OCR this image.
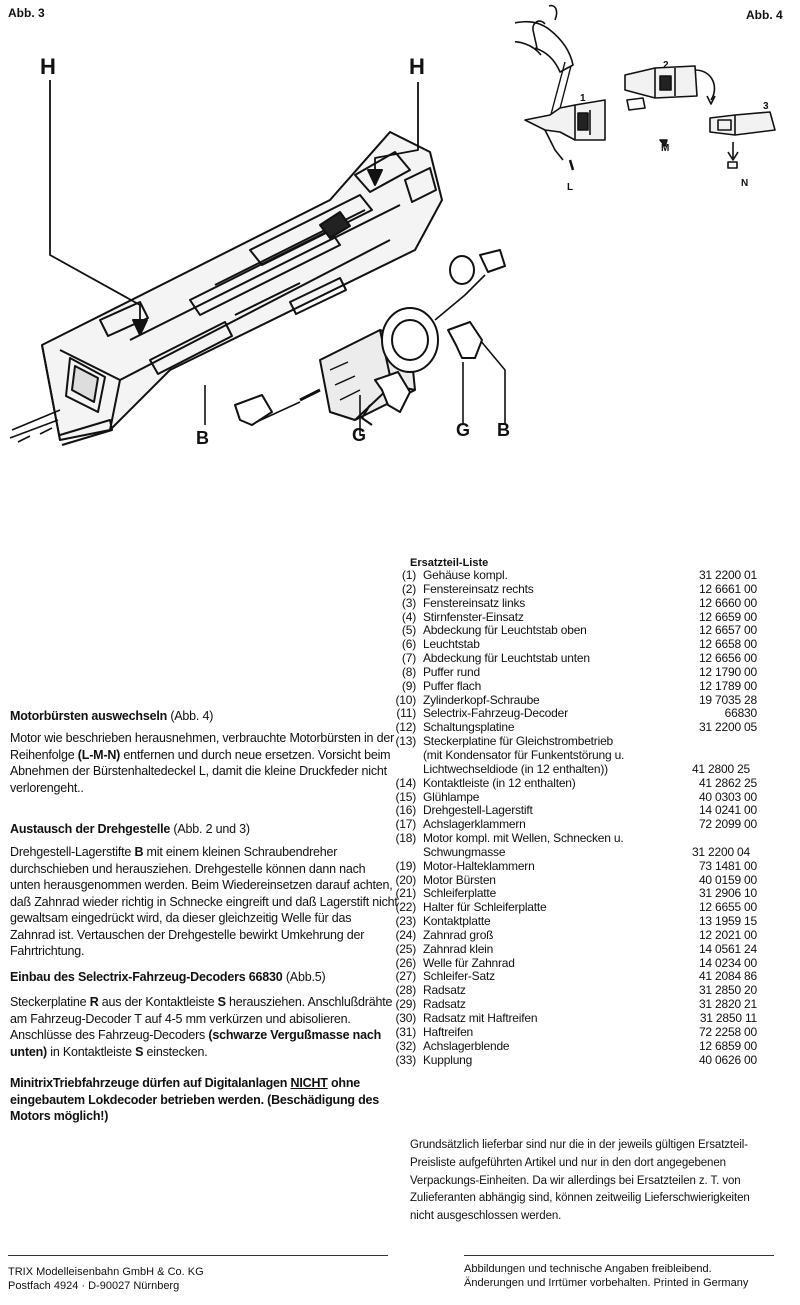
Abb. 3	Abb. 4
H	H
B	G	G B
1
2
3
L
M
N
Ersatzteil-Liste
(1) Gehäuse kompl.	31 2200 01
(2) Fenstereinsatz rechts	12 6661 00
(3) Fenstereinsatz links	12 6660 00
(4) Stirnfenster-Einsatz	12 6659 00
(5) Abdeckung für Leuchtstab oben	12 6657 00
(6) Leuchtstab	12 6658 00
(7) Abdeckung für Leuchtstab unten	12 6656 00
(8) Puffer rund	12 1790 00
(9) Puffer flach	12 1789 00
(10) Zylinderkopf-Schraube	19 7035 28
(11) Selectrix-Fahrzeug-Decoder	66830
(12) Schaltungsplatine	31 2200 05
(13) Steckerplatine für Gleichstrombetrieb
(mit Kondensator für Funkentstörung u.
Lichtwechseldiode (in 12 enthalten))	41 2800 25
(14) Kontaktleiste (in 12 enthalten)	41 2862 25
(15) Glühlampe	40 0303 00
(16) Drehgestell-Lagerstift	14 0241 00
(17) Achslagerklammern	72 2099 00
(18) Motor kompl. mit Wellen, Schnecken u.
Schwungmasse	31 2200 04
(19) Motor-Halteklammern	73 1481 00
(20) Motor Bürsten	40 0159 00
(21) Schleiferplatte	31 2906 10
(22) Halter für Schleiferplatte	12 6655 00
(23) Kontaktplatte	13 1959 15
(24) Zahnrad groß	12 2021 00
(25) Zahnrad klein	14 0561 24
(26) Welle für Zahnrad	14 0234 00
(27) Schleifer-Satz	41 2084 86
(28) Radsatz	31 2850 20
(29) Radsatz	31 2820 21
(30) Radsatz mit Haftreifen	31 2850 11
(31) Haftreifen	72 2258 00
(32) Achslagerblende	12 6859 00
(33) Kupplung	40 0626 00
Motorbürsten auswechseln (Abb. 4)
Motor wie beschrieben herausnehmen, verbrauchte Motorbürsten in der Reihenfolge (L-M-N) entfernen und durch neue ersetzen. Vorsicht beim Abnehmen der Bürstenhaltedeckel L, damit die kleine Druckfeder nicht verlorengeht..
Austausch der Drehgestelle (Abb. 2 und 3)
Drehgestell-Lagerstifte B mit einem kleinen Schraubendreher durchschieben und herausziehen. Drehgestelle können dann nach unten herausgenommen werden. Beim Wiedereinsetzen darauf achten, daß Zahnrad wieder richtig in Schnecke eingreift und daß Lagerstift nicht gewaltsam eingedrückt wird, da dieser gleichzeitig Welle für das Zahnrad ist. Vertauschen der Drehgestelle bewirkt Umkehrung der Fahrtrichtung.
Einbau des Selectrix-Fahrzeug-Decoders 66830 (Abb.5)
Steckerplatine R aus der Kontaktleiste S herausziehen. Anschlußdrähte am Fahrzeug-Decoder T auf 4-5 mm verkürzen und abisolieren. Anschlüsse des Fahrzeug-Decoders (schwarze Vergußmasse nach unten) in Kontaktleiste S einstecken.
MinitrixTriebfahrzeuge dürfen auf Digitalanlagen NICHT ohne eingebautem Lokdecoder betrieben werden. (Beschädigung des Motors möglich!)
Grundsätzlich lieferbar sind nur die in der jeweils gültigen Ersatzteil-Preisliste aufgeführten Artikel und nur in den dort angegebenen Verpackungs-Einheiten. Da wir allerdings bei Ersatzteilen z. T. von Zulieferanten abhängig sind, können zeitweilig Lieferschwierigkeiten nicht ausgeschlossen werden.
TRIX Modelleisenbahn GmbH & Co. KG
Postfach 4924 · D-90027 Nürnberg
Abbildungen und technische Angaben freibleibend.
Änderungen und Irrtümer vorbehalten. Printed in Germany
